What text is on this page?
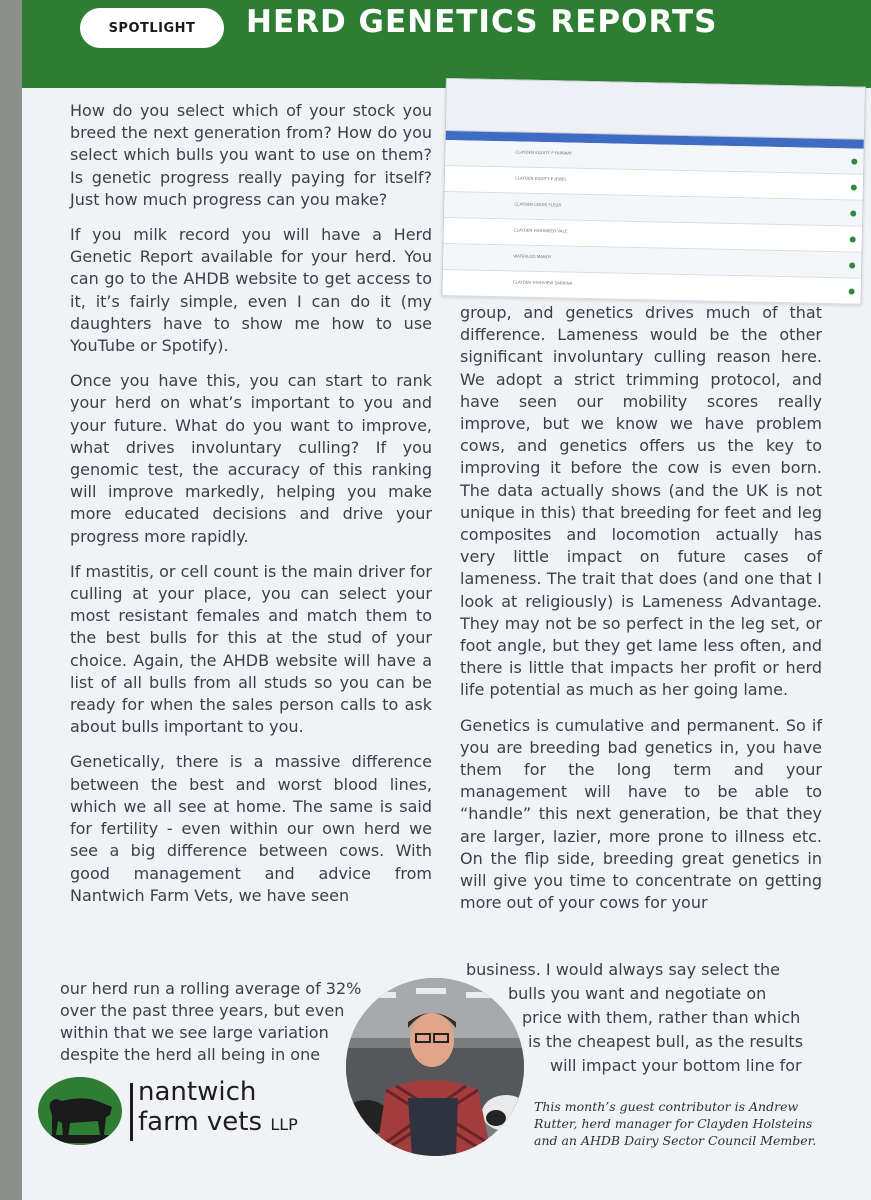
SPOTLIGHT	HERD GENETICS REPORTS
CLAYDEN EQUITY P FAIRWAY
CLAYDEN EQUITY P JEWEL
CLAYDEN LEEDS FLEUR
CLAYDEN HIGHWEED VALE
WATERLOO MANDY
CLAYDEN HIGHVIEW SABRINA

How do you select which of your stock you breed the next generation from? How do you select which bulls you want to use on them? Is genetic progress really paying for itself? Just how much progress can you make?

If you milk record you will have a Herd Genetic Report available for your herd. You can go to the AHDB website to get access to it, it’s fairly simple, even I can do it (my daughters have to show me how to use YouTube or Spotify).

Once you have this, you can start to rank your herd on what’s important to you and your future. What do you want to improve, what drives involuntary culling? If you genomic test, the accuracy of this ranking will improve markedly, helping you make more educated decisions and drive your progress more rapidly.

If mastitis, or cell count is the main driver for culling at your place, you can select your most resistant females and match them to the best bulls for this at the stud of your choice. Again, the AHDB website will have a list of all bulls from all studs so you can be ready for when the sales person calls to ask about bulls important to you.

Genetically, there is a massive difference between the best and worst blood lines, which we all see at home. The same is said for fertility - even within our own herd we see a big difference between cows. With good management and advice from Nantwich Farm Vets, we have seen

our herd run a rolling average of 32%
over the past three years, but even
within that we see large variation
despite the herd all being in one

group, and genetics drives much of that difference. Lameness would be the other significant involuntary culling reason here. We adopt a strict trimming protocol, and have seen our mobility scores really improve, but we know we have problem cows, and genetics offers us the key to improving it before the cow is even born. The data actually shows (and the UK is not unique in this) that breeding for feet and leg composites and locomotion actually has very little impact on future cases of lameness. The trait that does (and one that I look at religiously) is Lameness Advantage. They may not be so perfect in the leg set, or foot angle, but they get lame less often, and there is little that impacts her profit or herd life potential as much as her going lame.

Genetics is cumulative and permanent. So if you are breeding bad genetics in, you have them for the long term and your management will have to be able to “handle” this next generation, be that they are larger, lazier, more prone to illness etc. On the flip side, breeding great genetics in will give you time to concentrate on getting more out of your cows for your

business. I would always say select the
bulls you want and negotiate on
price with them, rather than which
is the cheapest bull, as the results
will impact your bottom line for
This month’s guest contributor is Andrew Rutter, herd manager for Clayden Holsteins and an AHDB Dairy Sector Council Member.
nantwich
farm vets LLP
